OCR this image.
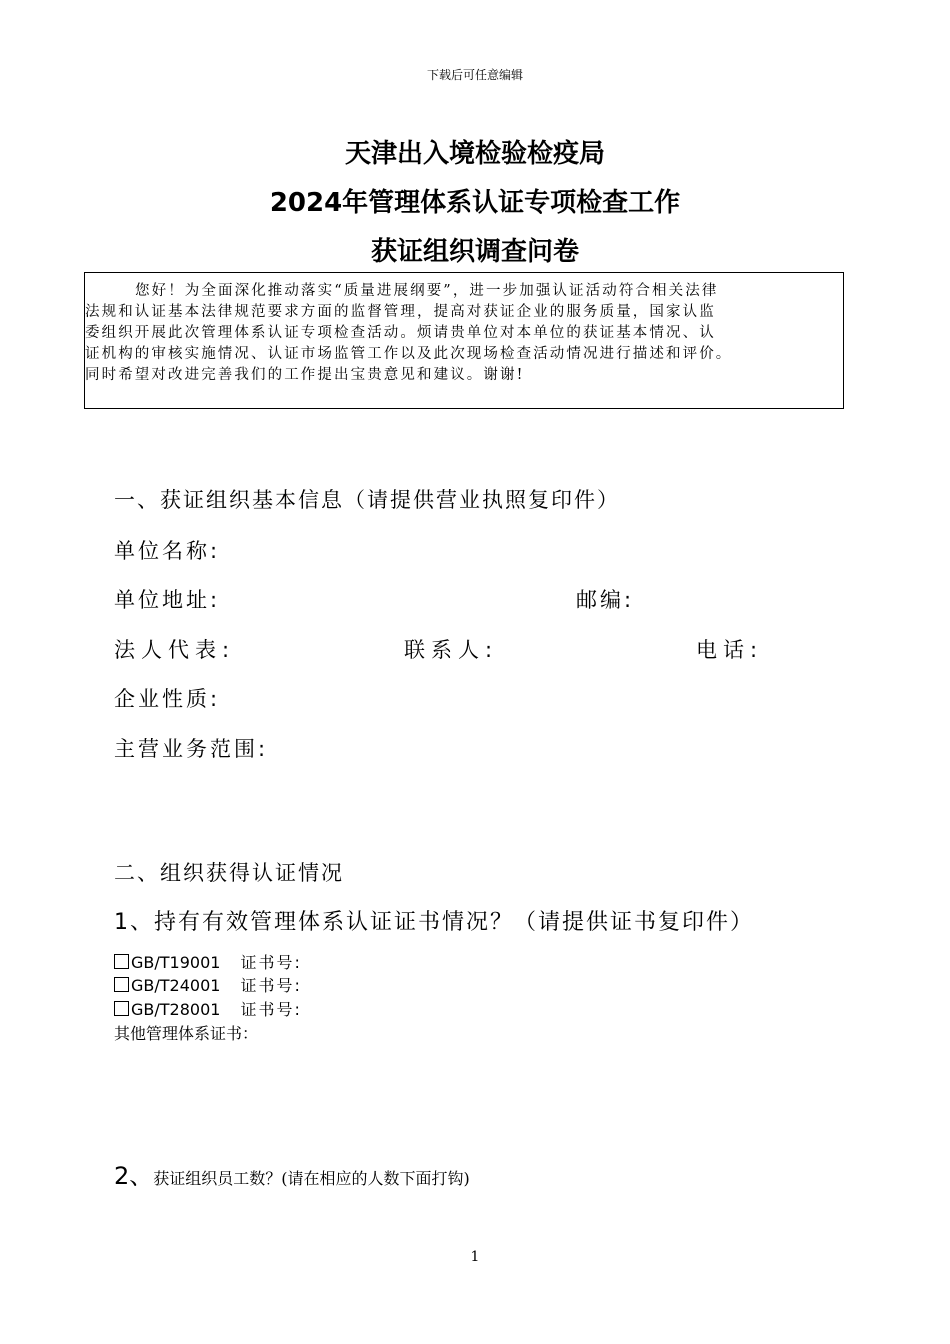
下载后可任意编辑
天津出入境检验检疫局
2024年管理体系认证专项检查工作
获证组织调查问卷
您好！为全面深化推动落实“质量进展纲要”，进一步加强认证活动符合相关法律
法规和认证基本法律规范要求方面的监督管理，提高对获证企业的服务质量，国家认监
委组织开展此次管理体系认证专项检查活动。烦请贵单位对本单位的获证基本情况、认
证机构的审核实施情况、认证市场监管工作以及此次现场检查活动情况进行描述和评价。
同时希望对改进完善我们的工作提出宝贵意见和建议。谢谢!
一、获证组织基本信息（请提供营业执照复印件）
单位名称:
单位地址:	邮编:
法人代表:	联系人:	电话:
企业性质:
主营业务范围:
二、组织获得认证情况
1、持有有效管理体系认证证书情况？（请提供证书复印件）
GB/T19001 证书号:
GB/T24001 证书号:
GB/T28001 证书号:
其他管理体系证书：
2、获证组织员工数？(请在相应的人数下面打钩)
1
